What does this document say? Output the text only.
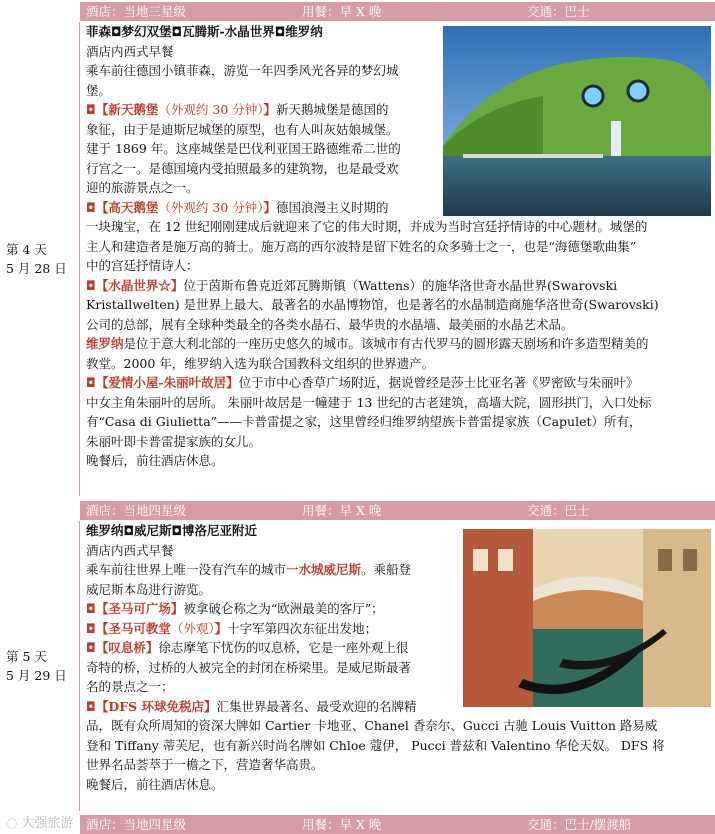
酒店：当地三星级	用餐：早 X 晚	交通：巴士
第 4 天
5 月 28 日

菲森◘梦幻双堡◘瓦腾斯-水晶世界◘维罗纳

酒店内西式早餐

乘车前往德国小镇菲森，游览一年四季风光各异的梦幻城

堡。

◘【新天鹅堡（外观约 30 分钟）】新天鹅城堡是德国的

象征，由于是迪斯尼城堡的原型，也有人叫灰姑娘城堡。

建于 1869 年。这座城堡是巴伐利亚国王路德维希二世的

行宫之一。是德国境内受拍照最多的建筑物，也是最受欢

迎的旅游景点之一。

◘【高天鹅堡（外观约 30 分钟）】德国浪漫主义时期的

一块瑰宝，在 12 世纪刚刚建成后就迎来了它的伟大时期，并成为当时宫廷抒情诗的中心题材。城堡的

主人和建造者是施万高的骑士。施万高的西尔波特是留下姓名的众多骑士之一，也是“海德堡歌曲集”

中的宫廷抒情诗人：

◘【水晶世界☆】位于茵斯布鲁克近郊瓦腾斯镇（Wattens）的施华洛世奇水晶世界(Swarovski

Kristallwelten) 是世界上最大、最著名的水晶博物馆，也是著名的水晶制造商施华洛世奇(Swarovski)

公司的总部，展有全球种类最全的各类水晶石、最华贵的水晶墙、最美丽的水晶艺术品。

维罗纳是位于意大利北部的一座历史悠久的城市。该城市有古代罗马的圆形露天剧场和许多造型精美的

教堂。2000 年，维罗纳入选为联合国教科文组织的世界遗产。

◘【爱情小屋-朱丽叶故居】位于市中心香草广场附近，据说曾经是莎士比亚名著《罗密欧与朱丽叶》

中女主角朱丽叶的居所。 朱丽叶故居是一幢建于 13 世纪的古老建筑，高墙大院，圆形拱门，入口处标

有“Casa di Giulietta”——卡普雷提之家，这里曾经归维罗纳望族卡普雷提家族（Capulet）所有，

朱丽叶即卡普雷提家族的女儿。

晚餐后，前往酒店休息。

酒店：当地四星级	用餐：早 X 晚	交通：巴士
第 5 天
5 月 29 日

维罗纳◘威尼斯◘博洛尼亚附近

酒店内西式早餐

乘车前往世界上唯一没有汽车的城市一水城威尼斯。乘船登

威尼斯本岛进行游览。

◘【圣马可广场】被拿破仑称之为“欧洲最美的客厅”；

◘【圣马可教堂（外观）】十字军第四次东征出发地；

◘【叹息桥】徐志摩笔下忧伤的叹息桥，它是一座外观上很

奇特的桥，过桥的人被完全的封闭在桥梁里。是威尼斯最著

名的景点之一；

◘【DFS 环球免税店】汇集世界最著名、最受欢迎的名牌精

品，既有众所周知的资深大牌如 Cartier 卡地亚、Chanel 香奈尔、Gucci 古驰 Louis Vuitton 路易威

登和 Tiffany 蒂芙尼，也有新兴时尚名牌如 Chloe 蔻伊， Pucci 普兹和 Valentino 华伦天奴。 DFS 将

世界名品荟萃于一檐之下，营造奢华高贵。

晚餐后，前往酒店休息。

酒店：当地四星级	用餐：早 X 晚	交通：巴士/摆渡船
◌ 大强旅游
